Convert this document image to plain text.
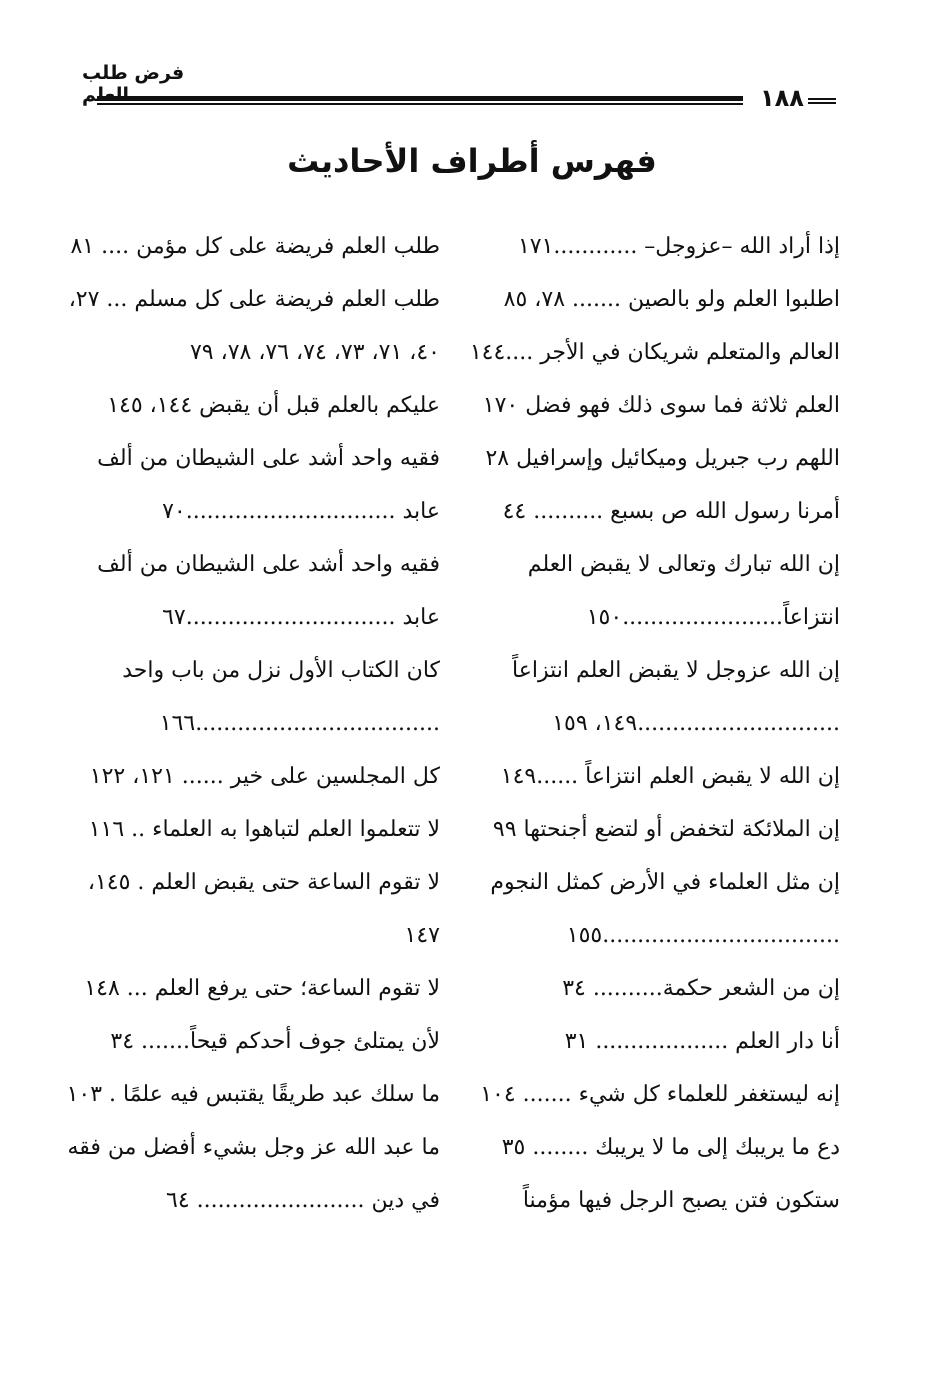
فرض طلب العلم	١٨٨
فهرس أطراف الأحاديث
إذا أراد الله –عزوجل– ............١٧١
اطلبوا العلم ولو بالصين ....... ٧٨، ٨٥
العالم والمتعلم شريكان في الأجر ....١٤٤
العلم ثلاثة فما سوى ذلك فهو فضل ١٧٠
اللهم رب جبريل وميكائيل وإسرافيل ٢٨
أمرنا رسول الله ص بسبع .......... ٤٤
إن الله تبارك وتعالى لا يقبض العلم
انتزاعاً.......................١٥٠
إن الله عزوجل لا يقبض العلم انتزاعاً
.............................١٤٩، ١٥٩
إن الله لا يقبض العلم انتزاعاً ......١٤٩
إن الملائكة لتخفض أو لتضع أجنحتها ٩٩
إن مثل العلماء في الأرض كمثل النجوم
..................................١٥٥
إن من الشعر حكمة.......... ٣٤
أنا دار العلم ................... ٣١
إنه ليستغفر للعلماء كل شيء ....... ١٠٤
دع ما يريبك إلى ما لا يريبك ........ ٣٥
ستكون فتن يصبح الرجل فيها مؤمناً
طلب العلم فريضة على كل مؤمن .... ٨١
طلب العلم فريضة على كل مسلم ... ٢٧،
٤٠، ٧١، ٧٣، ٧٤، ٧٦، ٧٨، ٧٩
عليكم بالعلم قبل أن يقبض ١٤٤، ١٤٥
فقيه واحد أشد على الشيطان من ألف
عابد ..............................٧٠
فقيه واحد أشد على الشيطان من ألف
عابد ..............................٦٧
كان الكتاب الأول نزل من باب واحد
...................................١٦٦
كل المجلسين على خير ...... ١٢١، ١٢٢
لا تتعلموا العلم لتباهوا به العلماء .. ١١٦
لا تقوم الساعة حتى يقبض العلم . ١٤٥،
١٤٧
لا تقوم الساعة؛ حتى يرفع العلم ... ١٤٨
لأن يمتلئ جوف أحدكم قيحاً....... ٣٤
ما سلك عبد طريقًا يقتبس فيه علمًا . ١٠٣
ما عبد الله عز وجل بشيء أفضل من فقه
في دين ........................ ٦٤
